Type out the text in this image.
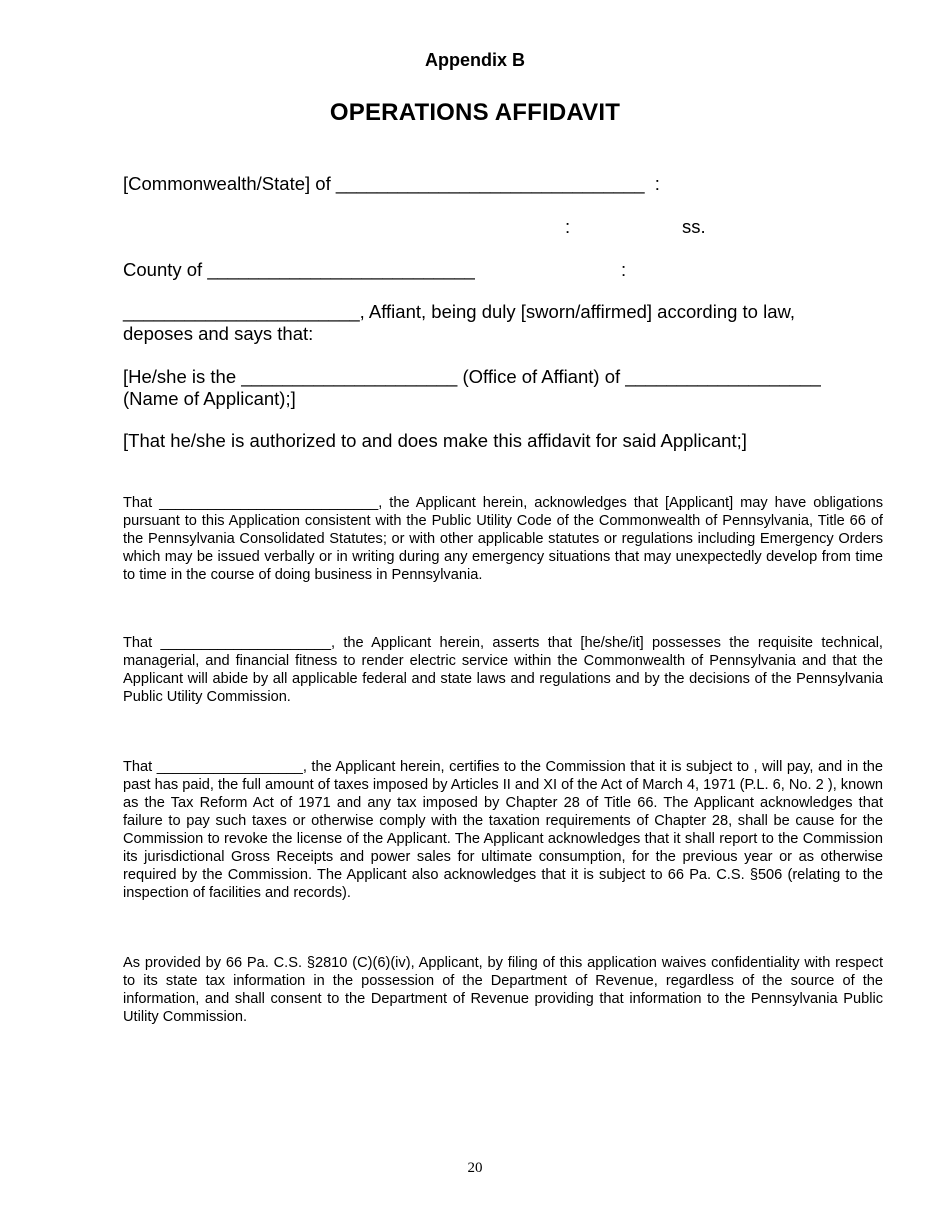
Appendix B
OPERATIONS AFFIDAVIT
[Commonwealth/State] of ______________________________  :
:	ss.
County of __________________________	:
_______________________, Affiant, being duly [sworn/affirmed] according to law,
deposes and says that:
[He/she is the _____________________ (Office of Affiant) of ___________________
(Name of Applicant);]
[That he/she is authorized to and does make this affidavit for said Applicant;]
That ___________________________, the Applicant herein, acknowledges that [Applicant] may have obligations pursuant to this Application consistent with the Public Utility Code of the Commonwealth of Pennsylvania, Title 66 of the Pennsylvania Consolidated Statutes; or with other applicable statutes or regulations including Emergency Orders which may be issued verbally or in writing during any emergency situations that may unexpectedly develop from time to time in the course of doing business in Pennsylvania.
That _____________________, the Applicant herein, asserts that [he/she/it] possesses the requisite technical, managerial, and financial fitness to render electric service within the Commonwealth of Pennsylvania and that the Applicant will abide by all applicable federal and state laws and regulations and by the decisions of the Pennsylvania Public Utility Commission.
That __________________, the Applicant herein, certifies to the Commission that it is subject to , will pay, and in the past has paid, the full amount of taxes imposed by Articles II and XI of the Act of March 4, 1971 (P.L. 6, No. 2 ), known as the Tax Reform Act of 1971 and any tax imposed by Chapter 28 of Title 66. The Applicant acknowledges that failure to pay such taxes or otherwise comply with the taxation requirements of Chapter 28, shall be cause for the Commission to revoke the license of the Applicant. The Applicant acknowledges that it shall report to the Commission its jurisdictional Gross Receipts and power sales for ultimate consumption, for the previous year or as otherwise required by the Commission. The Applicant also acknowledges that it is subject to 66 Pa. C.S. §506 (relating to the inspection of facilities and records).
As provided by 66 Pa. C.S. §2810 (C)(6)(iv), Applicant, by filing of this application waives confidentiality with respect to its state tax information in the possession of the Department of Revenue, regardless of the source of the information, and shall consent to the Department of Revenue providing that information to the Pennsylvania Public Utility Commission.
20
